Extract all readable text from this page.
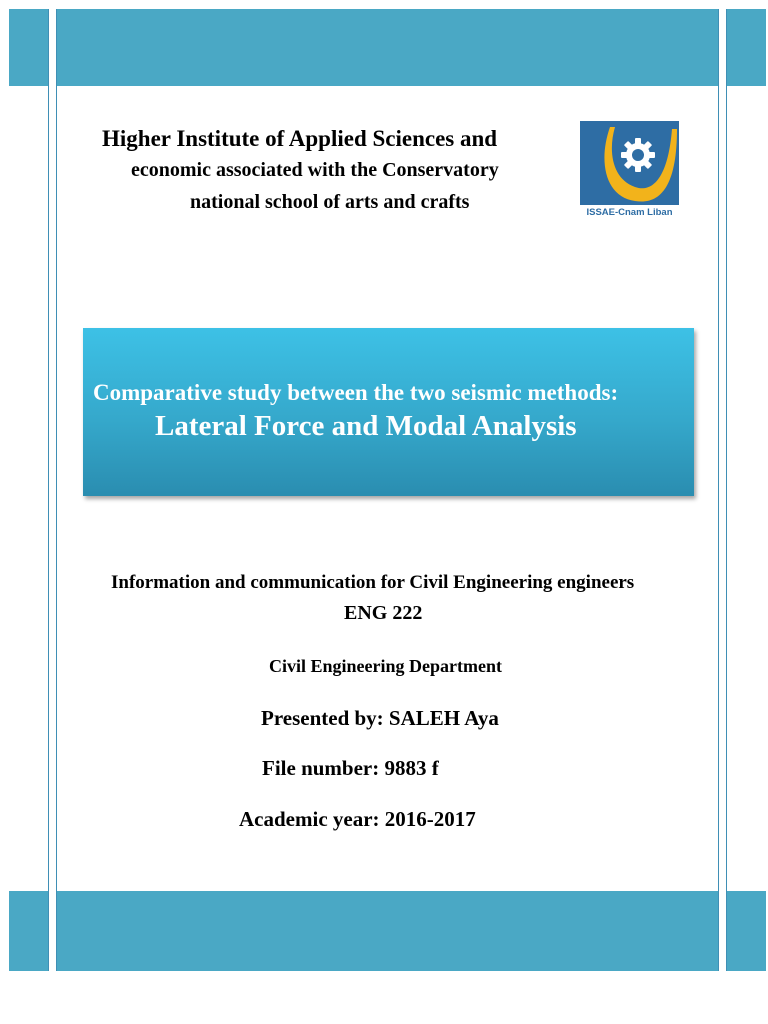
Higher Institute of Applied Sciences and
economic associated with the Conservatory
national school of arts and crafts	ISSAE-Cnam Liban
Comparative study between the two seismic methods:
Lateral Force and Modal Analysis
Information and communication for Civil Engineering engineers
ENG 222
Civil Engineering Department
Presented by: SALEH Aya
File number: 9883 f
Academic year: 2016-2017
